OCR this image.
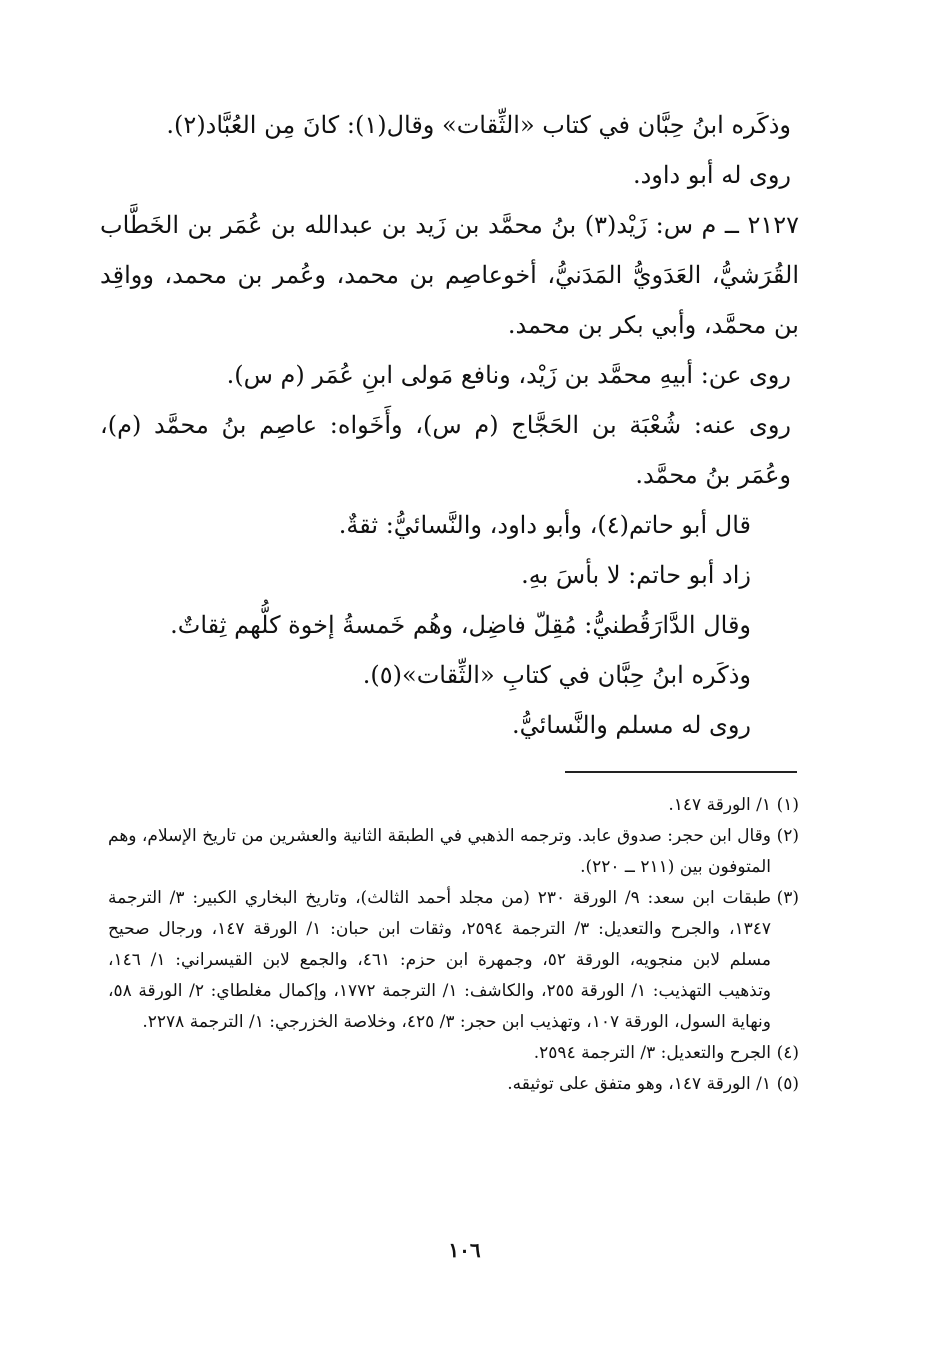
وذكَره ابنُ حِبَّان في كتاب «الثِّقات» وقال(١): كانَ مِن العُبَّاد(٢).

روى له أبو داود.

٢١٢٧ ــ م س: زَيْد(٣) بنُ محمَّد بن زَيد بن عبدالله بن عُمَر بن الخَطَّاب القُرَشيُّ، العَدَويُّ المَدَنيُّ، أخوعاصِم بن محمد، وعُمر بن محمد، وواقِد بن محمَّد، وأبي بكر بن محمد.

روى عن: أبيهِ محمَّد بن زَيْد، ونافع مَولى ابنِ عُمَر (م س).

روى عنه: شُعْبَة بن الحَجَّاج (م س)، وأَخَواه: عاصِم بنُ محمَّد (م)، وعُمَر بنُ محمَّد.

قال أبو حاتم(٤)، وأبو داود، والنَّسائيُّ: ثقةٌ.

زاد أبو حاتم: لا بأسَ بهِ.

وقال الدَّارَقُطنيُّ: مُقِلّ فاضِل، وهُم خَمسةُ إخوة كلُّهم ثِقاتٌ.

وذكَره ابنُ حِبَّان في كتابِ «الثِّقات»(٥).

روى له مسلم والنَّسائيُّ.

(١)
١/ الورقة ١٤٧.
(٢)
وقال ابن حجر: صدوق عابد. وترجمه الذهبي في الطبقة الثانية والعشرين من تاريخ الإسلام، وهم المتوفون بين (٢١١ ــ ٢٢٠).
(٣)
طبقات ابن سعد: ٩/ الورقة ٢٣٠ (من مجلد أحمد الثالث)، وتاريخ البخاري الكبير: ٣/ الترجمة ١٣٤٧، والجرح والتعديل: ٣/ الترجمة ٢٥٩٤، وثقات ابن حبان: ١/ الورقة ١٤٧، ورجال صحيح مسلم لابن منجويه، الورقة ٥٢، وجمهرة ابن حزم: ٤٦١، والجمع لابن القيسراني: ١/ ١٤٦، وتذهيب التهذيب: ١/ الورقة ٢٥٥، والكاشف: ١/ الترجمة ١٧٧٢، وإكمال مغلطاي: ٢/ الورقة ٥٨، ونهاية السول، الورقة ١٠٧، وتهذيب ابن حجر: ٣/ ٤٢٥، وخلاصة الخزرجي: ١/ الترجمة ٢٢٧٨.
(٤)
الجرح والتعديل: ٣/ الترجمة ٢٥٩٤.
(٥)
١/ الورقة ١٤٧، وهو متفق على توثيقه.
١٠٦
